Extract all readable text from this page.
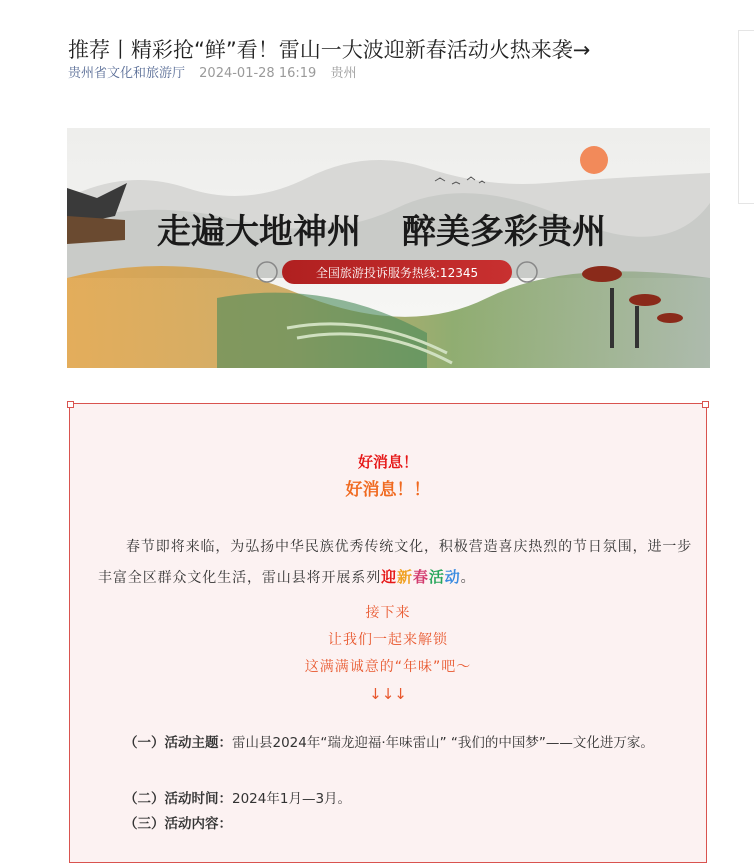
推荐丨精彩抢“鲜”看！雷山一大波迎新春活动火热来袭→
贵州省文化和旅游厅 2024-01-28 16:19 贵州
走遍大地神州 醉美多彩贵州
全国旅游投诉服务热线:12345
好消息！
好消息！！

春节即将来临，为弘扬中华民族优秀传统文化，积极营造喜庆热烈的节日氛围，进一步丰富全区群众文化生活，雷山县将开展系列迎新春活动。

接下来
让我们一起来解锁
这满满诚意的“年味”吧～
↓↓↓

（一）活动主题：雷山县2024年“瑞龙迎福·年味雷山” “我们的中国梦”——文化进万家。

（二）活动时间：2024年1月—3月。

（三）活动内容：
